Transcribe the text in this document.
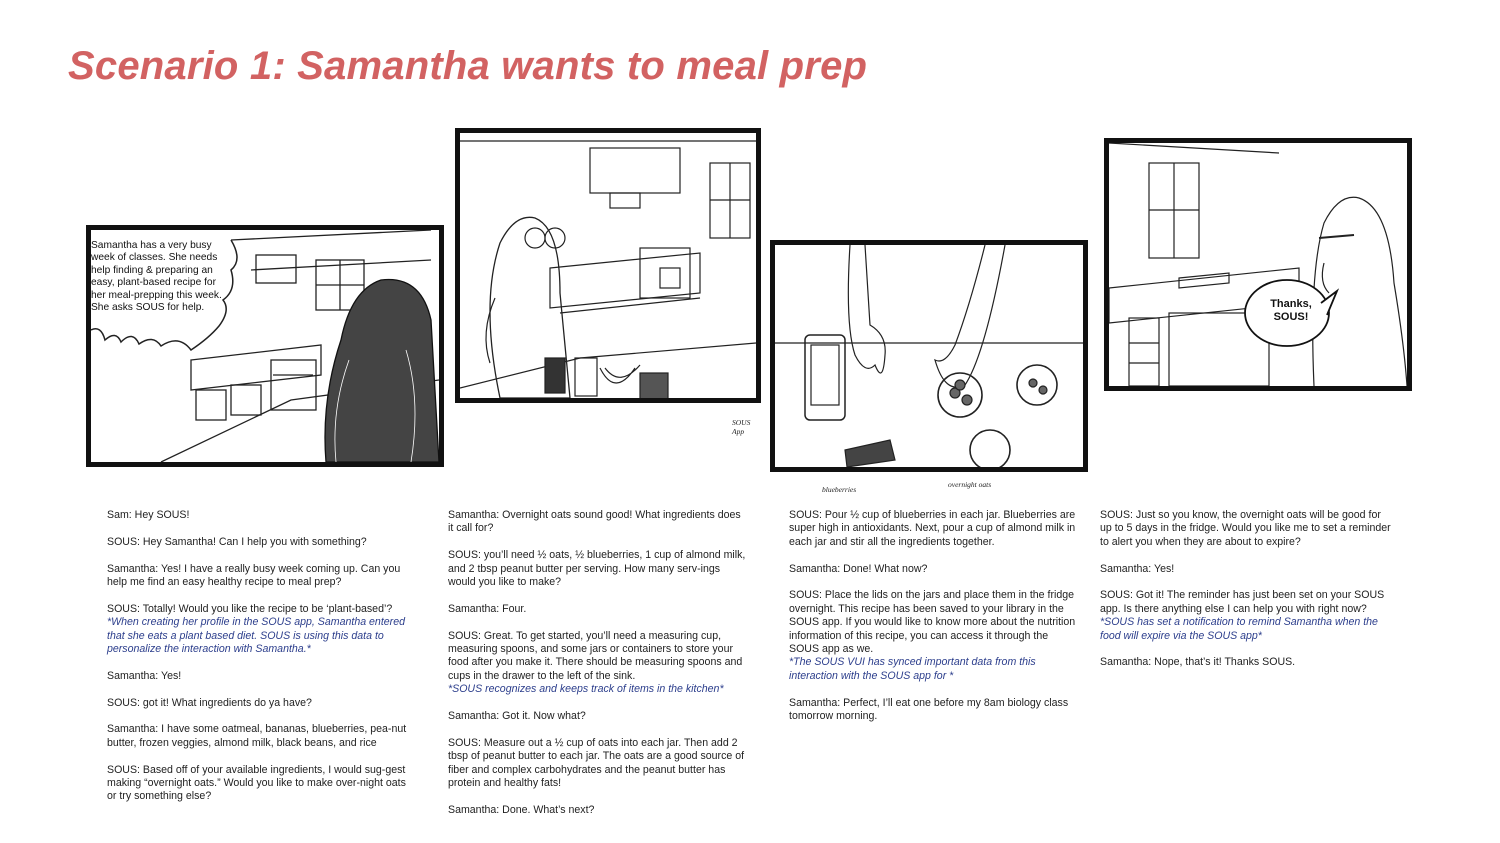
Scenario 1: Samantha wants to meal prep
Samantha has a very busy week of classes. She needs help finding & preparing an easy, plant-based recipe for her meal-prepping this week. She asks SOUS for help.
SOUS App
blueberries
overnight oats
Thanks, SOUS!

Sam: Hey SOUS!

SOUS: Hey Samantha! Can I help you with something?

Samantha: Yes! I have a really busy week coming up. Can you help me find an easy healthy recipe to meal prep?

SOUS: Totally! Would you like the recipe to be ‘plant-based’?
*When creating her profile in the SOUS app, Samantha entered that she eats a plant based diet. SOUS is using this data to personalize the interaction with Samantha.*

Samantha: Yes!

SOUS: got it! What ingredients do ya have?

Samantha: I have some oatmeal, bananas, blueberries, pea-nut butter, frozen veggies, almond milk, black beans, and rice

SOUS: Based off of your available ingredients, I would sug-gest making “overnight oats.” Would you like to make over-night oats or try something else?

Samantha: Overnight oats sound good! What ingredients does it call for?

SOUS: you’ll need ½ oats, ½ blueberries, 1 cup of almond milk, and 2 tbsp peanut butter per serving. How many serv-ings would you like to make?

Samantha: Four.

SOUS: Great. To get started, you’ll need a measuring cup, measuring spoons, and some jars or containers to store your food after you make it. There should be measuring spoons and cups in the drawer to the left of the sink.
*SOUS recognizes and keeps track of items in the kitchen*

Samantha: Got it. Now what?

SOUS: Measure out a ½ cup of oats into each jar. Then add 2 tbsp of peanut butter to each jar. The oats are a good source of fiber and complex carbohydrates and the peanut butter has protein and healthy fats!

Samantha: Done. What’s next?

SOUS: Pour ½ cup of blueberries in each jar. Blueberries are super high in antioxidants. Next, pour a cup of almond milk in each jar and stir all the ingredients together.

Samantha: Done! What now?

SOUS: Place the lids on the jars and place them in the fridge overnight. This recipe has been saved to your library in the SOUS app. If you would like to know more about the nutrition information of this recipe, you can access it through the SOUS app as we.
*The SOUS VUI has synced important data from this interaction with the SOUS app for *

Samantha: Perfect, I’ll eat one before my 8am biology class tomorrow morning.

SOUS: Just so you know, the overnight oats will be good for up to 5 days in the fridge. Would you like me to set a reminder to alert you when they are about to expire?

Samantha: Yes!

SOUS: Got it! The reminder has just been set on your SOUS app. Is there anything else I can help you with right now?
*SOUS has set a notification to remind Samantha when the food will expire via the SOUS app*

Samantha: Nope, that’s it! Thanks SOUS.
